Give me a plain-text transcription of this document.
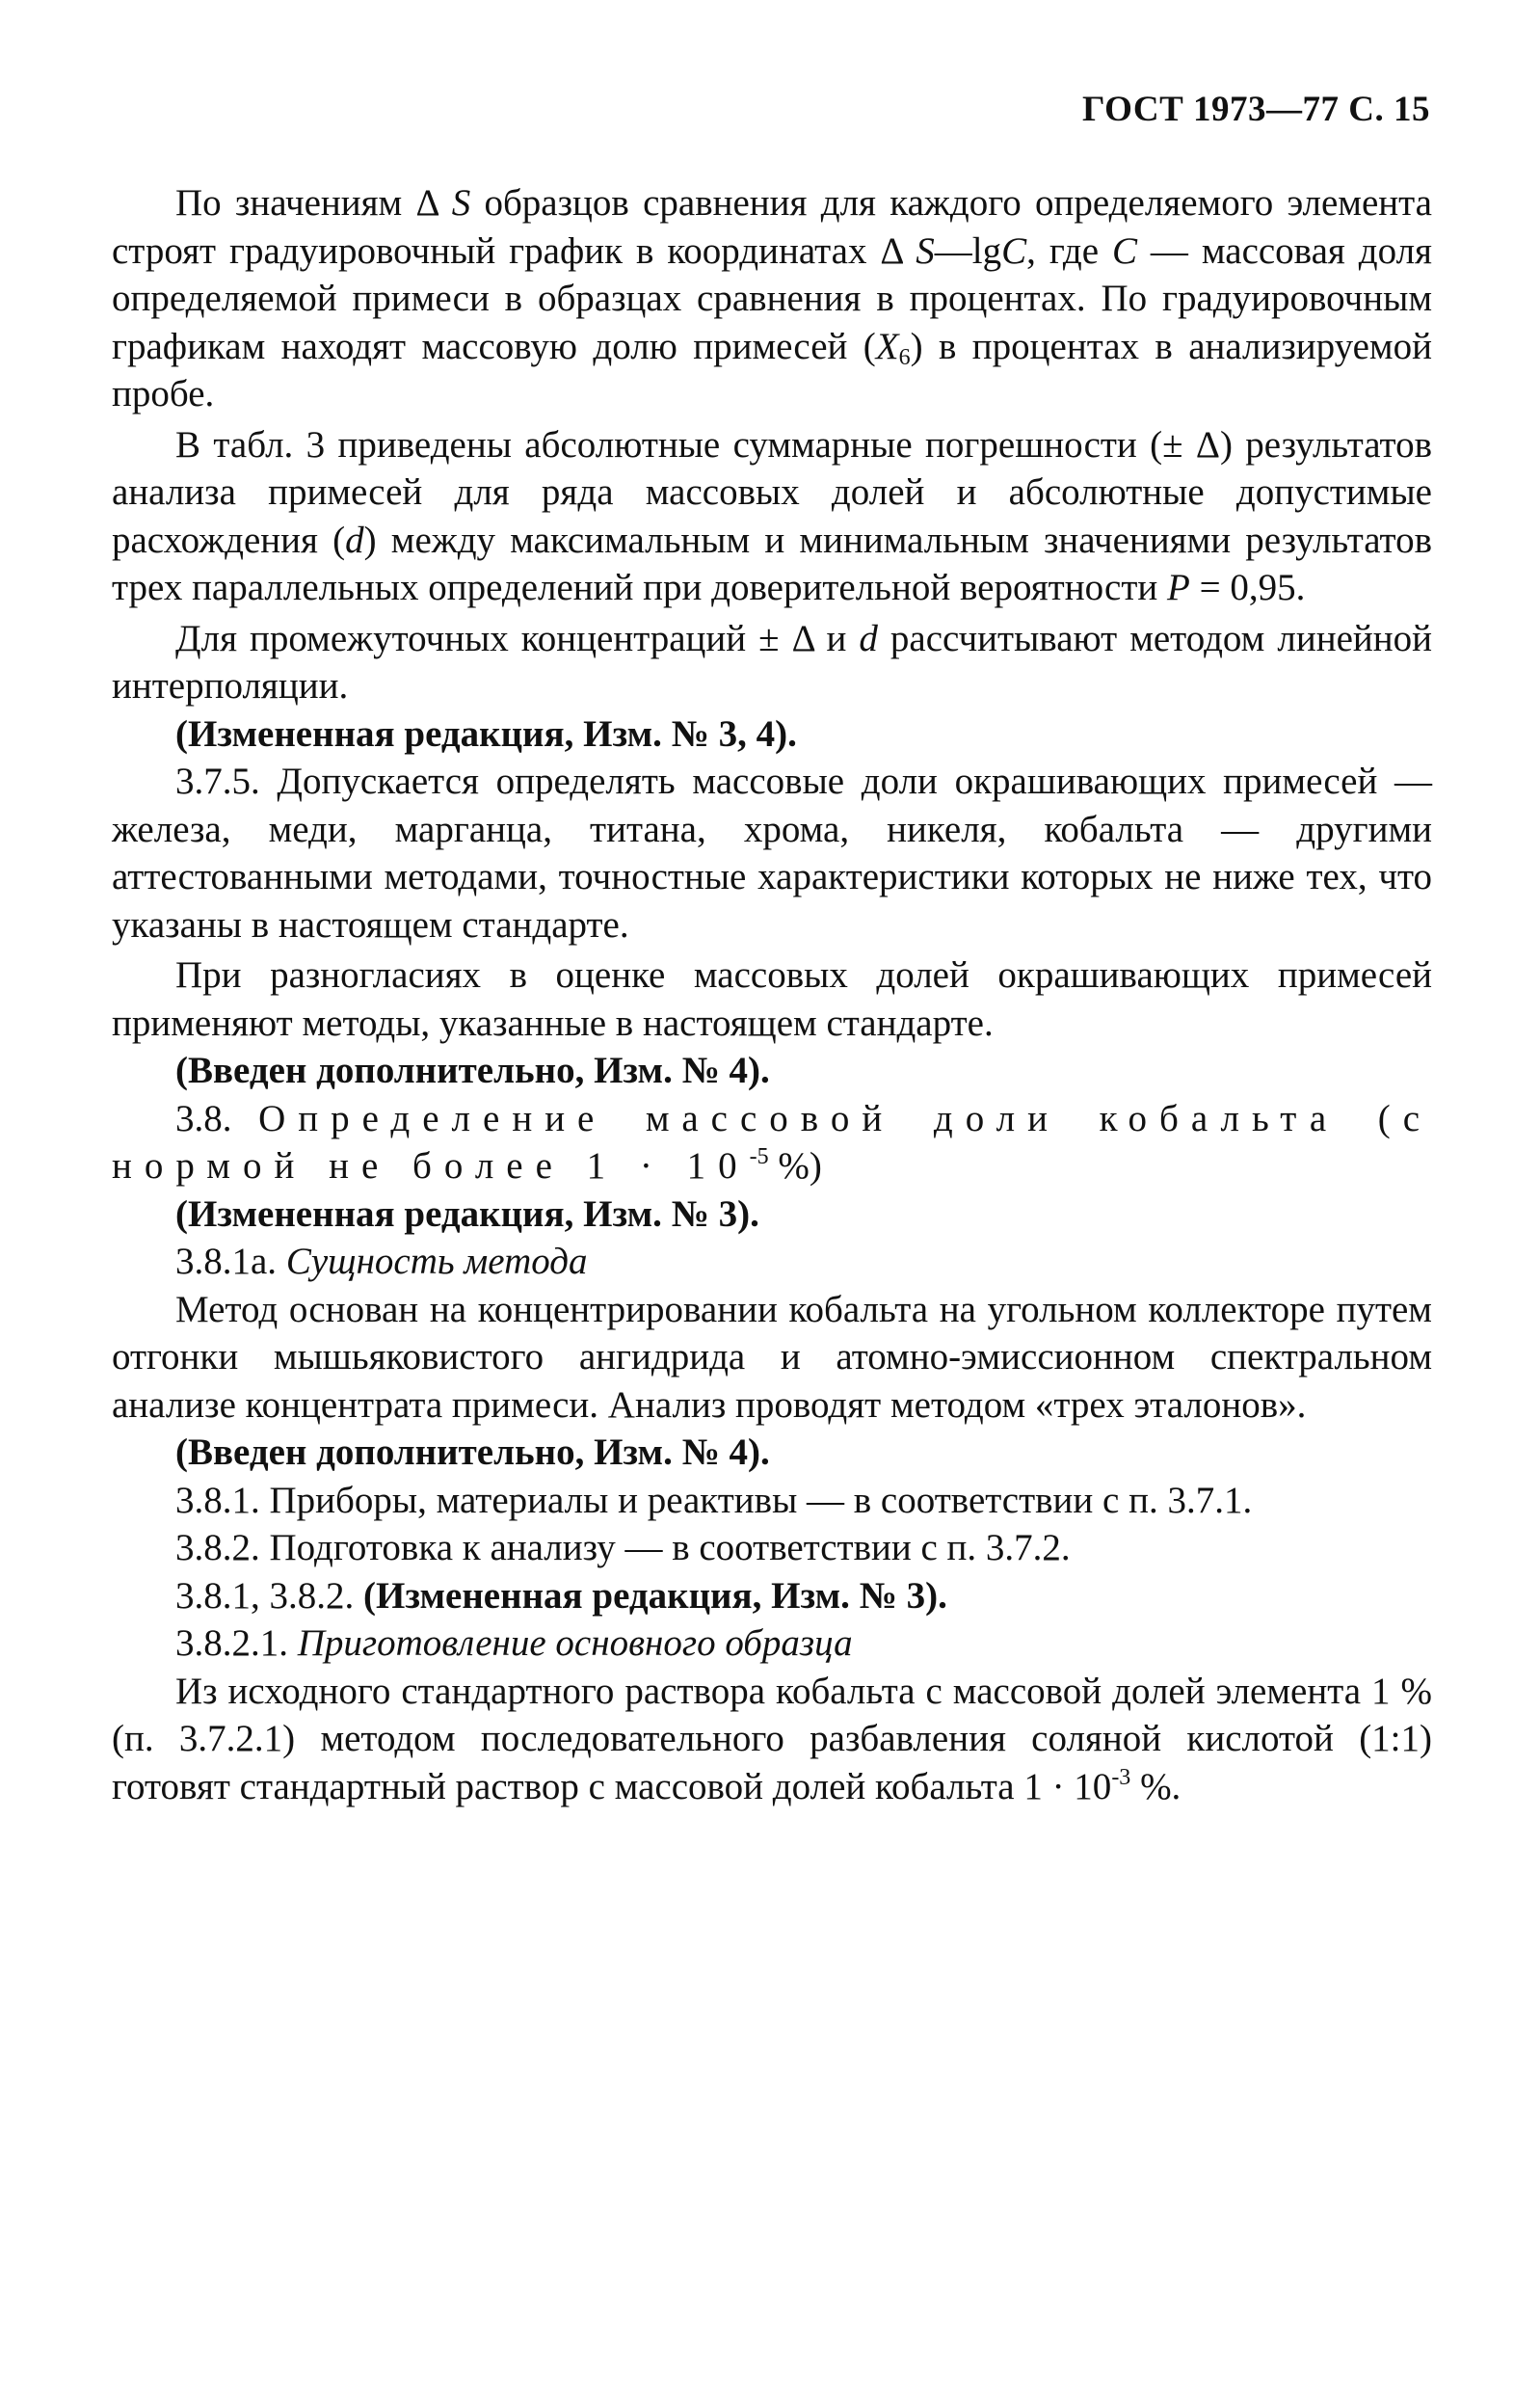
ГОСТ 1973—77 С. 15

По значениям Δ S образцов сравнения для каждого определяемого элемента строят градуировочный график в координатах Δ S—lgC, где C — массовая доля определяемой примеси в образцах сравнения в процентах. По градуировочным графикам находят массовую долю примесей $(X_6)$ в процентах в анализируемой пробе.

В табл. 3 приведены абсолютные суммарные погрешности (± Δ) результатов анализа примесей для ряда массовых долей и абсолютные допустимые расхождения (d) между максимальным и минимальным значениями результатов трех параллельных определений при доверительной вероятности P = 0,95.

Для промежуточных концентраций ± Δ и d рассчитывают методом линейной интерполяции.

(Измененная редакция, Изм. № 3, 4).

3.7.5. Допускается определять массовые доли окрашивающих примесей — железа, меди, марганца, титана, хрома, никеля, кобальта — другими аттестованными методами, точностные характеристики которых не ниже тех, что указаны в настоящем стандарте.

При разногласиях в оценке массовых долей окрашивающих примесей применяют методы, указанные в настоящем стандарте.

(Введен дополнительно, Изм. № 4).

3.8. Определение массовой доли кобальта (с нормой не более $1 \cdot 10^{-5}$ %)

(Измененная редакция, Изм. № 3).

3.8.1а. Сущность метода

Метод основан на концентрировании кобальта на угольном коллекторе путем отгонки мышьяковистого ангидрида и атомно-эмиссионном спектральном анализе концентрата примеси. Анализ проводят методом «трех эталонов».

(Введен дополнительно, Изм. № 4).

3.8.1. Приборы, материалы и реактивы — в соответствии с п. 3.7.1.

3.8.2. Подготовка к анализу — в соответствии с п. 3.7.2.

3.8.1, 3.8.2. (Измененная редакция, Изм. № 3).

3.8.2.1. Приготовление основного образца

Из исходного стандартного раствора кобальта с массовой долей элемента 1 % (п. 3.7.2.1) методом последовательного разбавления соляной кислотой (1:1) готовят стандартный раствор с массовой долей кобальта $1 \cdot 10^{-3}$ %.
